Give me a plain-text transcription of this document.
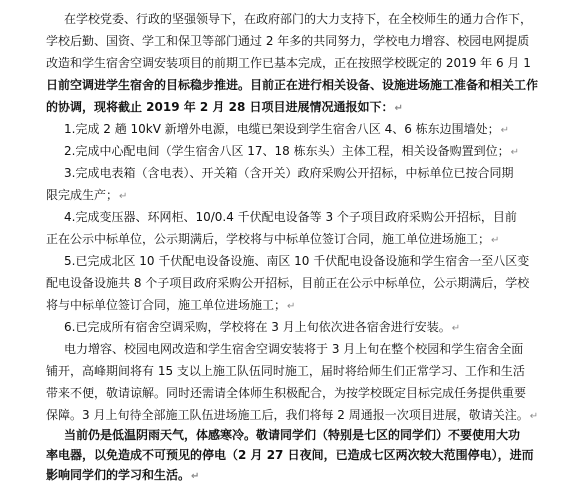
在学校党委、行政的坚强领导下，在政府部门的大力支持下，在全校师生的通力合作下，
学校后勤、国资、学工和保卫等部门通过 2 年多的共同努力，学校电力增容、校园电网提质
改造和学生宿舍空调安装项目的前期工作已基本完成，正在按照学校既定的 2019 年 6 月 1
日前空调进学生宿舍的目标稳步推进。目前正在进行相关设备、设施进场施工准备和相关工作
的协调，现将截止 2019 年 2 月 28 日项目进展情况通报如下：↵
1.完成 2 趟 10kV 新增外电源，电缆已架设到学生宿舍八区 4、6 栋东边围墙处；↵
2.完成中心配电间（学生宿舍八区 17、18 栋东头）主体工程，相关设备购置到位；↵
3.完成电表箱（含电表）、开关箱（含开关）政府采购公开招标，中标单位已按合同期
限完成生产；↵
4.完成变压器、环网柜、10/0.4 千伏配电设备等 3 个子项目政府采购公开招标，目前
正在公示中标单位，公示期满后，学校将与中标单位签订合同，施工单位进场施工；↵
5.已完成北区 10 千伏配电设备设施、南区 10 千伏配电设备设施和学生宿舍一至八区变
配电设备设施共 8 个子项目政府采购公开招标，目前正在公示中标单位，公示期满后，学校
将与中标单位签订合同，施工单位进场施工；↵
6.已完成所有宿舍空调采购，学校将在 3 月上旬依次进各宿舍进行安装。↵
电力增容、校园电网改造和学生宿舍空调安装将于 3 月上旬在整个校园和学生宿舍全面
铺开，高峰期间将有 15 支以上施工队伍同时施工，届时将给师生们正常学习、工作和生活
带来不便，敬请谅解。同时还需请全体师生积极配合，为按学校既定目标完成任务提供重要
保障。3 月上旬待全部施工队伍进场施工后，我们将每 2 周通报一次项目进展，敬请关注。↵
当前仍是低温阴雨天气，体感寒冷。敬请同学们（特别是七区的同学们）不要使用大功
率电器，以免造成不可预见的停电（2 月 27 日夜间，已造成七区两次较大范围停电），进而
影响同学们的学习和生活。↵
